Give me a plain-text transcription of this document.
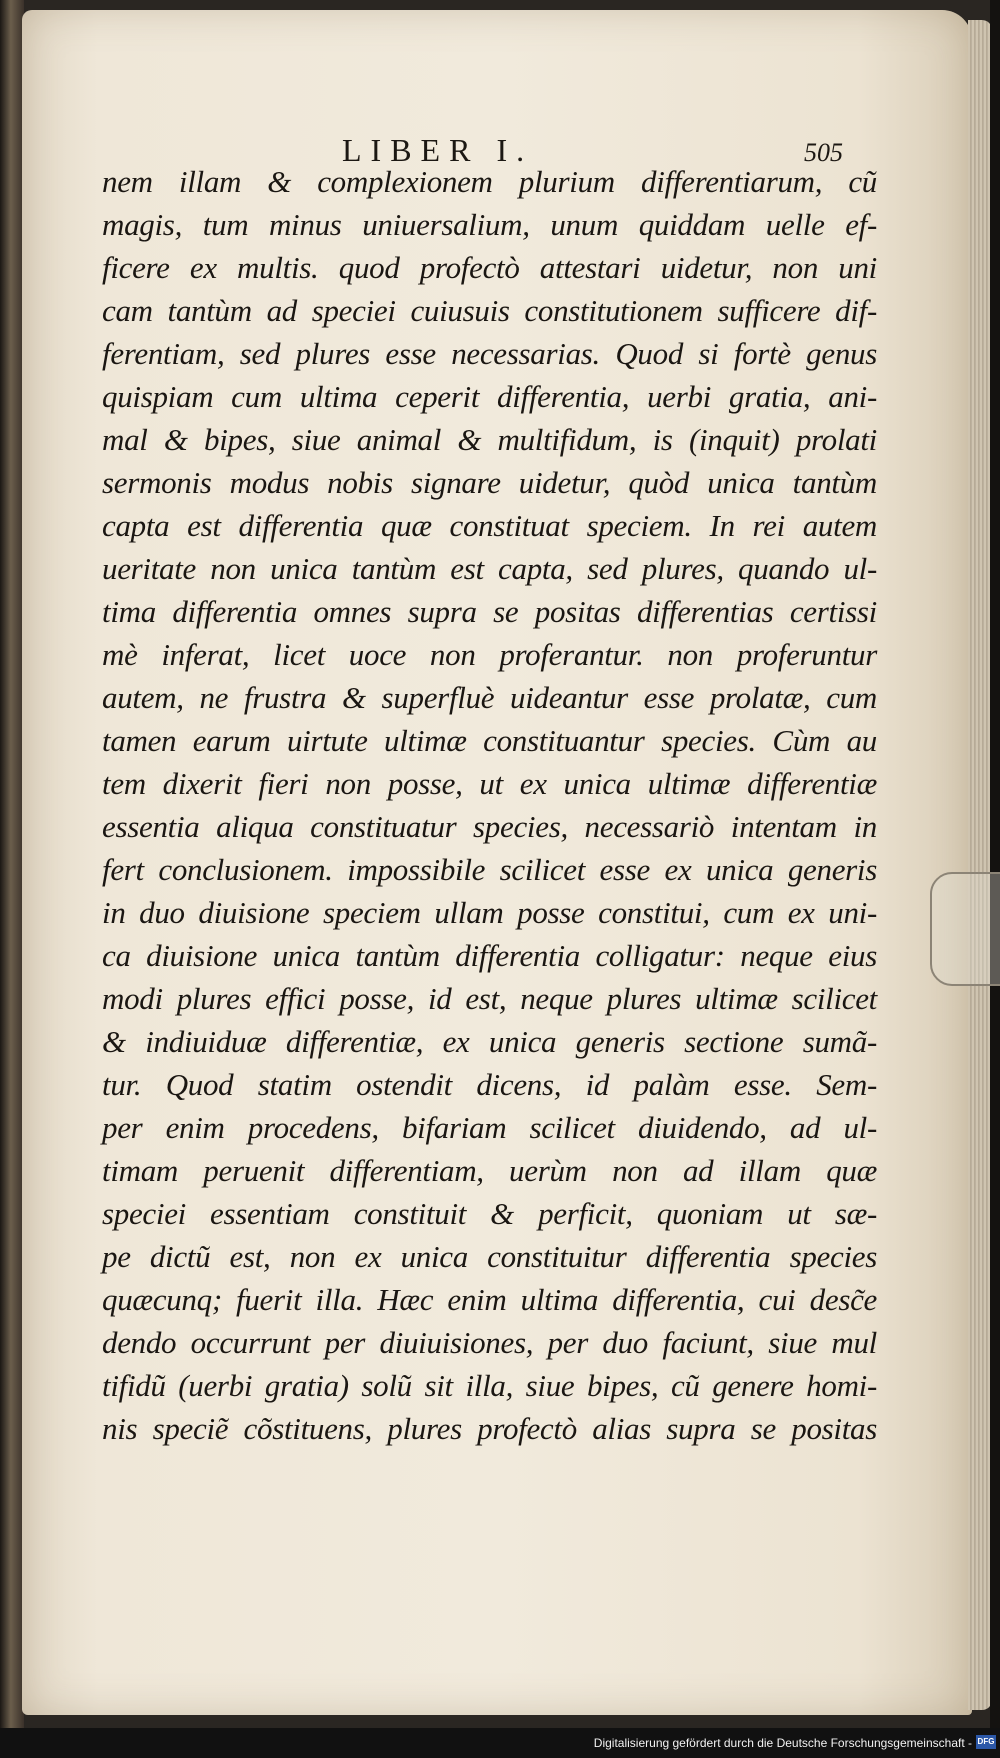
LIBER I.	505
nem illam & complexionem plurium differentiarum, cũ
magis, tum minus uniuersalium, unum quiddam uelle ef-
ficere ex multis. quod profectò attestari uidetur, non uni
cam tantùm ad speciei cuiusuis constitutionem sufficere dif-
ferentiam, sed plures esse necessarias. Quod si fortè genus
quispiam cum ultima ceperit differentia, uerbi gratia, ani-
mal & bipes, siue animal & multifidum, is (inquit) prolati
sermonis modus nobis signare uidetur, quòd unica tantùm
capta est differentia quæ constituat speciem. In rei autem
ueritate non unica tantùm est capta, sed plures, quando ul-
tima differentia omnes supra se positas differentias certissi
mè inferat, licet uoce non proferantur. non proferuntur
autem, ne frustra & superfluè uideantur esse prolatæ, cum
tamen earum uirtute ultimæ constituantur species. Cùm au
tem dixerit fieri non posse, ut ex unica ultimæ differentiæ
essentia aliqua constituatur species, necessariò intentam in
fert conclusionem. impossibile scilicet esse ex unica generis
in duo diuisione speciem ullam posse constitui, cum ex uni-
ca diuisione unica tantùm differentia colligatur: neque eius
modi plures effici posse, id est, neque plures ultimæ scilicet
& indiuiduæ differentiæ, ex unica generis sectione sumã-
tur. Quod statim ostendit dicens, id palàm esse. Sem-
per enim procedens, bifariam scilicet diuidendo, ad ul-
timam peruenit differentiam, uerùm non ad illam quæ
speciei essentiam constituit & perficit, quoniam ut sæ-
pe dictũ est, non ex unica constituitur differentia species
quæcunq; fuerit illa. Hæc enim ultima differentia, cui desc̃e
dendo occurrunt per diuiuisiones, per duo faciunt, siue mul
tifidũ (uerbi gratia) solũ sit illa, siue bipes, cũ genere homi-
nis speciẽ cõstituens, plures profectò alias supra se positas
Digitalisierung gefördert durch die Deutsche Forschungsgemeinschaft - DFG
